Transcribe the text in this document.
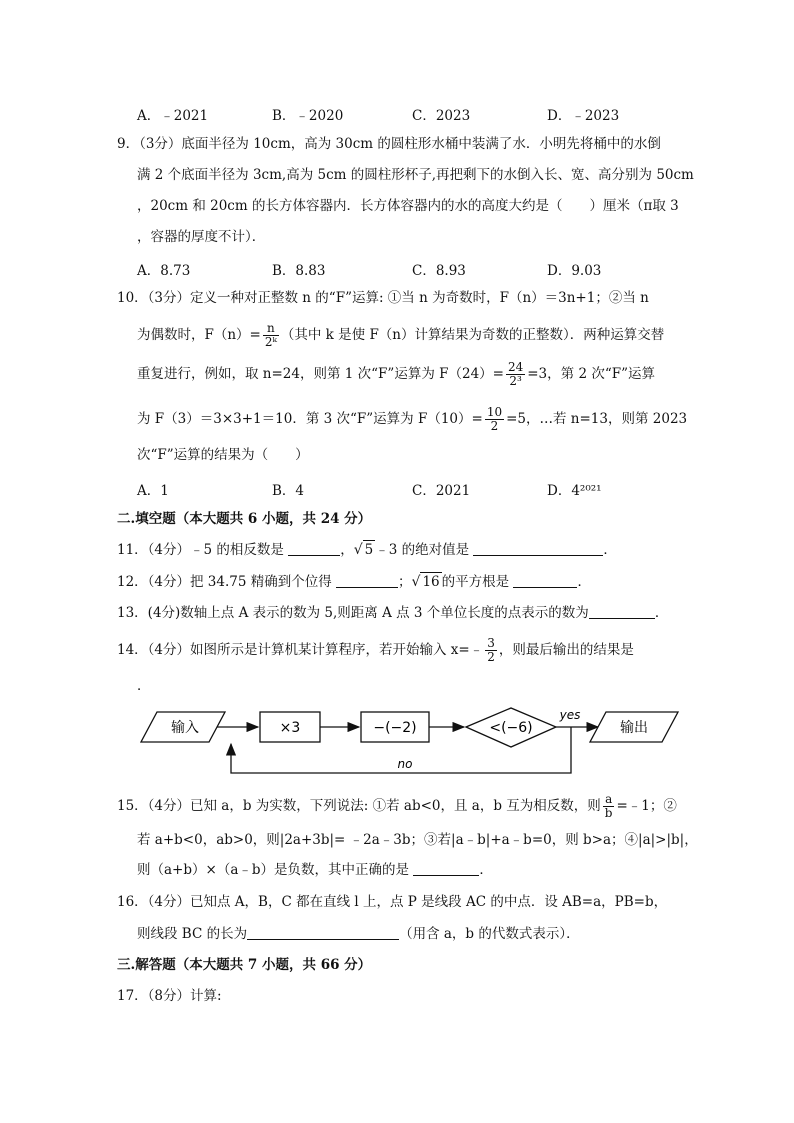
A．﹣2021	B．﹣2020	C．2023	D．﹣2023
9．（3分）底面半径为 10cm，高为 30cm 的圆柱形水桶中装满了水．小明先将桶中的水倒
满 2 个底面半径为 3cm,高为 5cm 的圆柱形杯子,再把剩下的水倒入长、宽、高分别为 50cm
，20cm 和 20cm 的长方体容器内．长方体容器内的水的高度大约是（　　）厘米（π取 3
，容器的厚度不计）．
A．8.73	B．8.83	C．8.93	D．9.03
10．（3分）定义一种对正整数 n 的“F”运算: ①当 n 为奇数时，F（n）＝3n+1；②当 n
为偶数时，$F(n)= \frac{n}{\text{2ᵏ}}$ （其中 k 是使 F（n）计算结果为奇数的正整数）．两种运算交替
重复进行，例如，取 n=24，则第 1 次“F”运算为 $F(24)= \frac{24}{\text{2³}} =3$，第 2 次“F”运算
为 F（3）＝3×3+1＝10．第 3 次“F”运算为 $F(10)= \frac{10}{2} =5$，…若 n=13，则第 2023
次“F”运算的结果为（　　）
A．1	B．4	C．2021	D．4²⁰²¹
二.填空题（本大题共 6 小题，共 24 分）
11．（4分）﹣5 的相反数是	，√ 5 ﹣3 的绝对值是	．
12．（4分）把 34.75 精确到个位得	；√ 16 的平方根是	．
13．(4分)数轴上点 A 表示的数为 5,则距离 A 点 3 个单位长度的点表示的数为	．
14．（4分）如图所示是计算机某计算程序，若开始输入 x=﹣ $\frac{3}{2}$ ，则最后输出的结果是
．
输入	×3	−(−2)	<(−6)
yes
输出
no
15．（4分）已知 a，b 为实数，下列说法: ①若 ab<0，且 a，b 互为相反数，则 $\frac{a}{b}$ =﹣1；②
若 a+b<0，ab>0，则|2a+3b|= ﹣2a﹣3b；③若|a﹣b|+a﹣b=0，则 b>a；④|a|>|b|，
则（a+b）×（a﹣b）是负数，其中正确的是	．
16．（4分）已知点 A，B，C 都在直线 l 上，点 P 是线段 AC 的中点．设 AB=a，PB=b，
则线段 BC 的长为	（用含 a，b 的代数式表示）．
三.解答题（本大题共 7 小题，共 66 分）
17．（8分）计算:
